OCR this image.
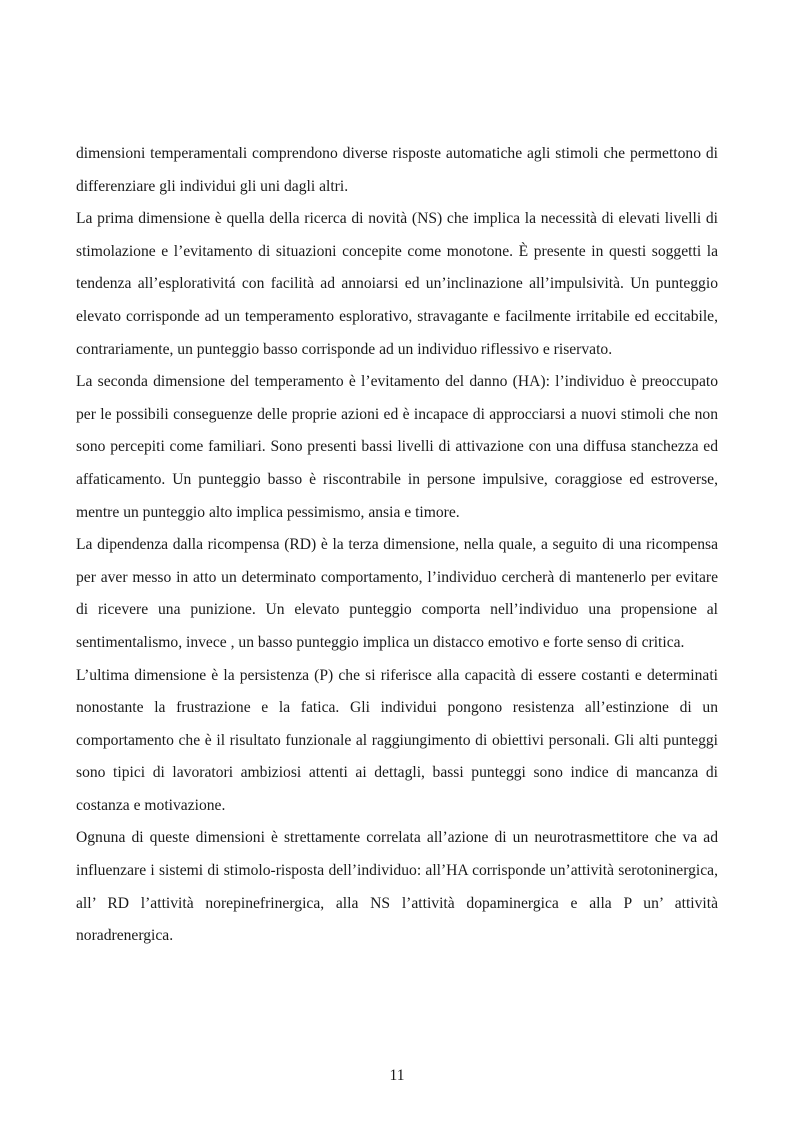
dimensioni temperamentali comprendono diverse risposte automatiche agli stimoli che permettono di differenziare gli individui gli uni dagli altri.

La prima dimensione è quella della ricerca di novità (NS) che implica la necessità di elevati livelli di stimolazione e l’evitamento di situazioni concepite come monotone. È presente in questi soggetti la tendenza all’esplorativitá con facilità ad annoiarsi ed un’inclinazione all’impulsività. Un punteggio elevato corrisponde ad un temperamento esplorativo, stravagante e facilmente irritabile ed eccitabile, contrariamente, un punteggio basso corrisponde ad un individuo riflessivo e riservato.

La seconda dimensione del temperamento è l’evitamento del danno (HA): l’individuo è preoccupato per le possibili conseguenze delle proprie azioni ed è incapace di approcciarsi a nuovi stimoli che non sono percepiti come familiari. Sono presenti bassi livelli di attivazione con una diffusa stanchezza ed affaticamento. Un punteggio basso è riscontrabile in persone impulsive, coraggiose ed estroverse, mentre un punteggio alto implica pessimismo, ansia e timore.

La dipendenza dalla ricompensa (RD) è la terza dimensione, nella quale, a seguito di una ricompensa per aver messo in atto un determinato comportamento, l’individuo cercherà di mantenerlo per evitare di ricevere una punizione. Un elevato punteggio comporta nell’individuo una propensione al sentimentalismo, invece , un basso punteggio implica un distacco emotivo e forte senso di critica.

L’ultima dimensione è la persistenza (P) che si riferisce alla capacità di essere costanti e determinati nonostante la frustrazione e la fatica. Gli individui pongono resistenza all’estinzione di un comportamento che è il risultato funzionale al raggiungimento di obiettivi personali. Gli alti punteggi sono tipici di lavoratori ambiziosi attenti ai dettagli, bassi punteggi sono indice di mancanza di costanza e motivazione.

Ognuna di queste dimensioni è strettamente correlata all’azione di un neurotrasmettitore che va ad influenzare i sistemi di stimolo-risposta dell’individuo: all’HA corrisponde un’attività serotoninergica, all’ RD l’attività norepinefrinergica, alla NS l’attività dopaminergica e alla P un’ attività noradrenergica.

11
